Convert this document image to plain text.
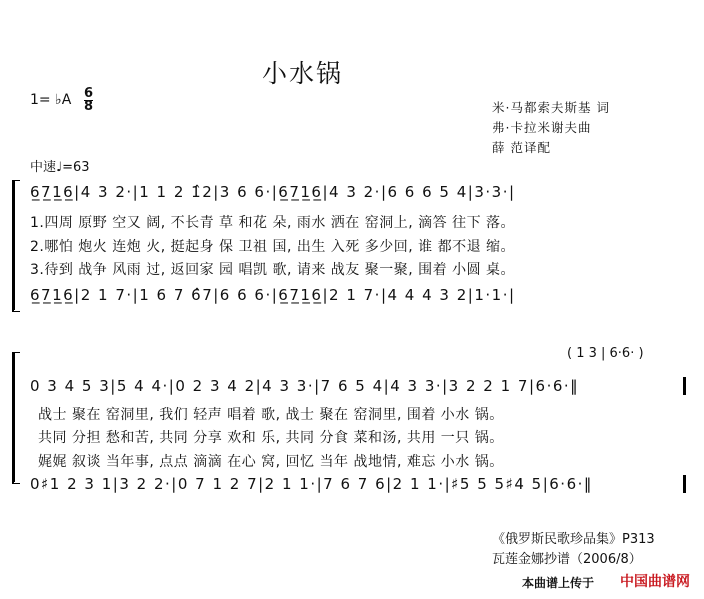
小水锅
1= ♭A 6
8	米·马都索夫斯基 词
弗·卡拉米谢夫曲
薛 范译配
中速♩=63
6̲7̲1̲6̲|4 3 2·|1 1 2 1̂2|3 6 6·|6̲7̲1̲6̲|4 3 2·|6 6 6 5 4|3·3·|
1.四周 原野 空又 阔, 不长青 草 和花 朵, 雨水 洒在 窑洞上, 滴答 往下 落。
2.哪怕 炮火 连炮 火, 挺起身 保 卫祖 国, 出生 入死 多少回, 谁 都不退 缩。
3.待到 战争 风雨 过, 返回家 园 唱凯 歌, 请来 战友 聚一聚, 围着 小圆 桌。
6̲7̲1̲6̲|2 1 7·|1 6 7 6̂7|6 6 6·|6̲7̲1̲6̲|2 1 7·|4 4 4 3 2|1·1·|
( 1 3 | 6·6· )
0 3 4 5 3|5 4 4·|0 2 3 4 2|4 3 3·|7 6 5 4|4 3 3·|3 2 2 1 7|6·6·‖
战士 聚在 窑洞里, 我们 轻声 唱着 歌, 战士 聚在 窑洞里, 围着 小水 锅。
共同 分担 愁和苦, 共同 分享 欢和 乐, 共同 分食 菜和汤, 共用 一只 锅。
娓娓 叙谈 当年事, 点点 滴滴 在心 窝, 回忆 当年 战地情, 难忘 小水 锅。
0♯1 2 3 1|3 2 2·|0 7 1 2 7|2 1 1·|7 6 7 6|2 1 1·|♯5 5 5♯4 5|6·6·‖
《俄罗斯民歌珍品集》P313
瓦莲金娜抄谱（2006/8）
本曲谱上传于 中国曲谱网
